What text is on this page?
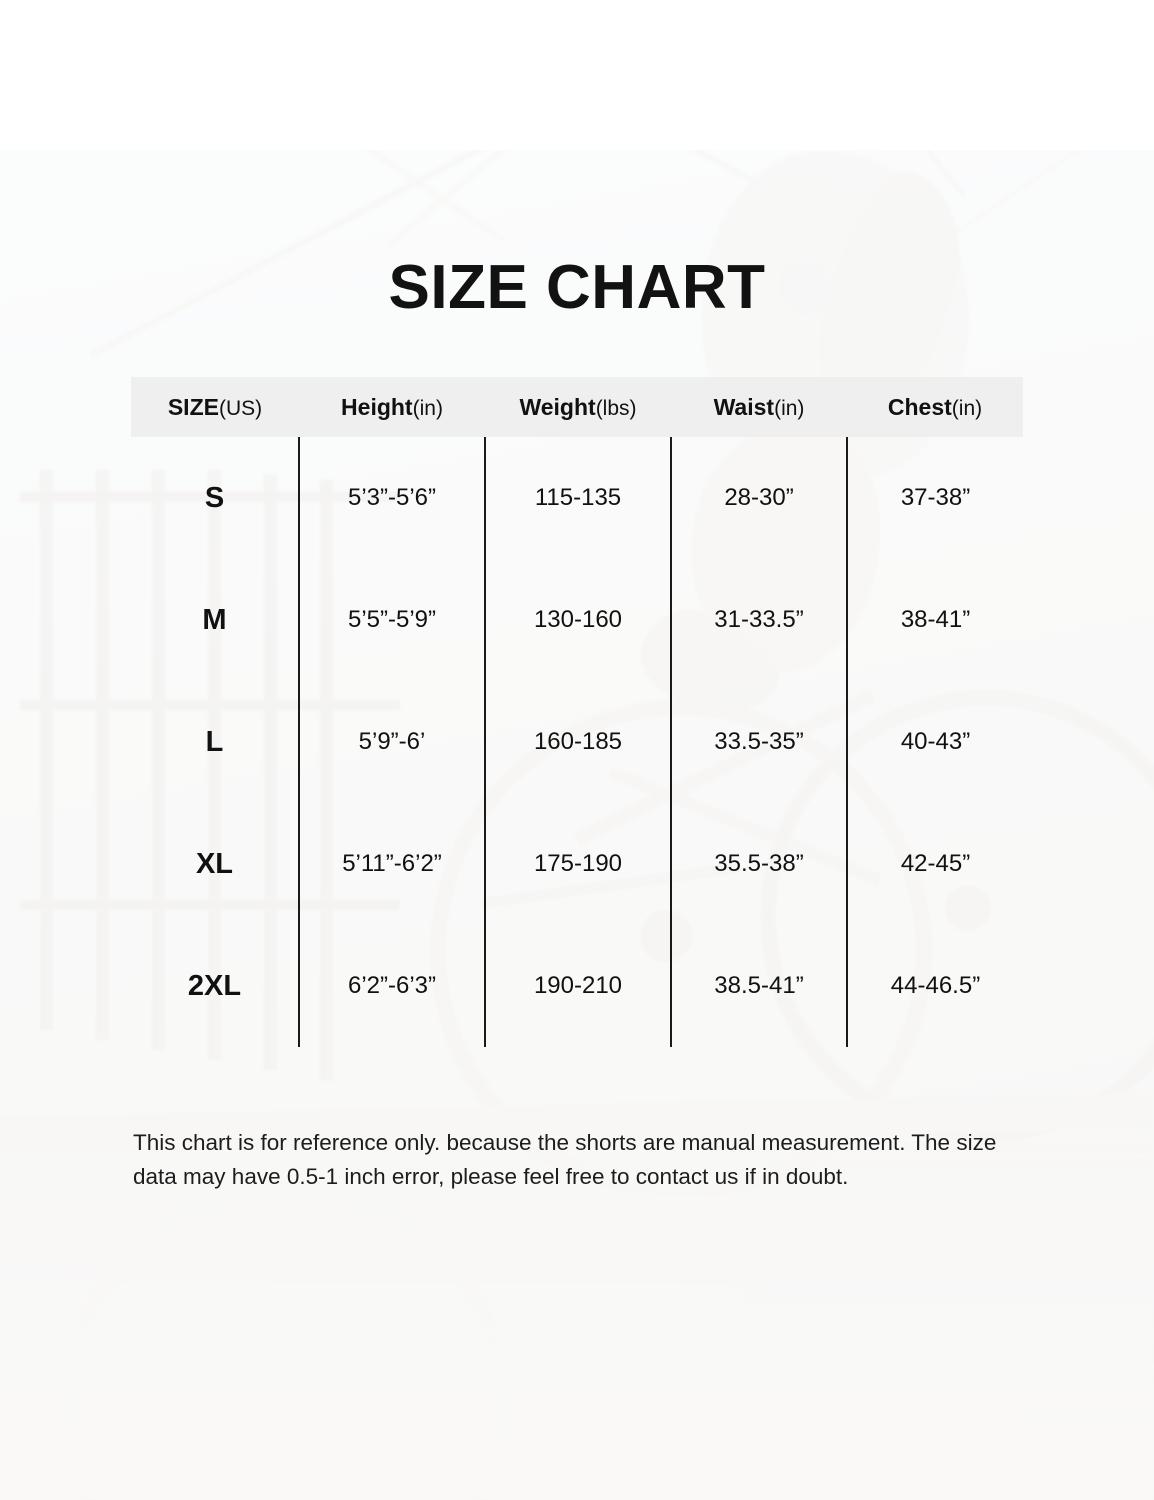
SIZE CHART
SIZE(US)	Height(in)	Weight(lbs)	Waist(in)	Chest(in)
S	5’3”-5’6”	115-135	28-30”	37-38”
M	5’5”-5’9”	130-160	31-33.5”	38-41”
L	5’9”-6’	160-185	33.5-35”	40-43”
XL	5’11”-6’2”	175-190	35.5-38”	42-45”
2XL	6’2”-6’3”	190-210	38.5-41”	44-46.5”
This chart is for reference only. because the shorts are manual measurement. The size data may have 0.5-1 inch error, please feel free to contact us if in doubt.
